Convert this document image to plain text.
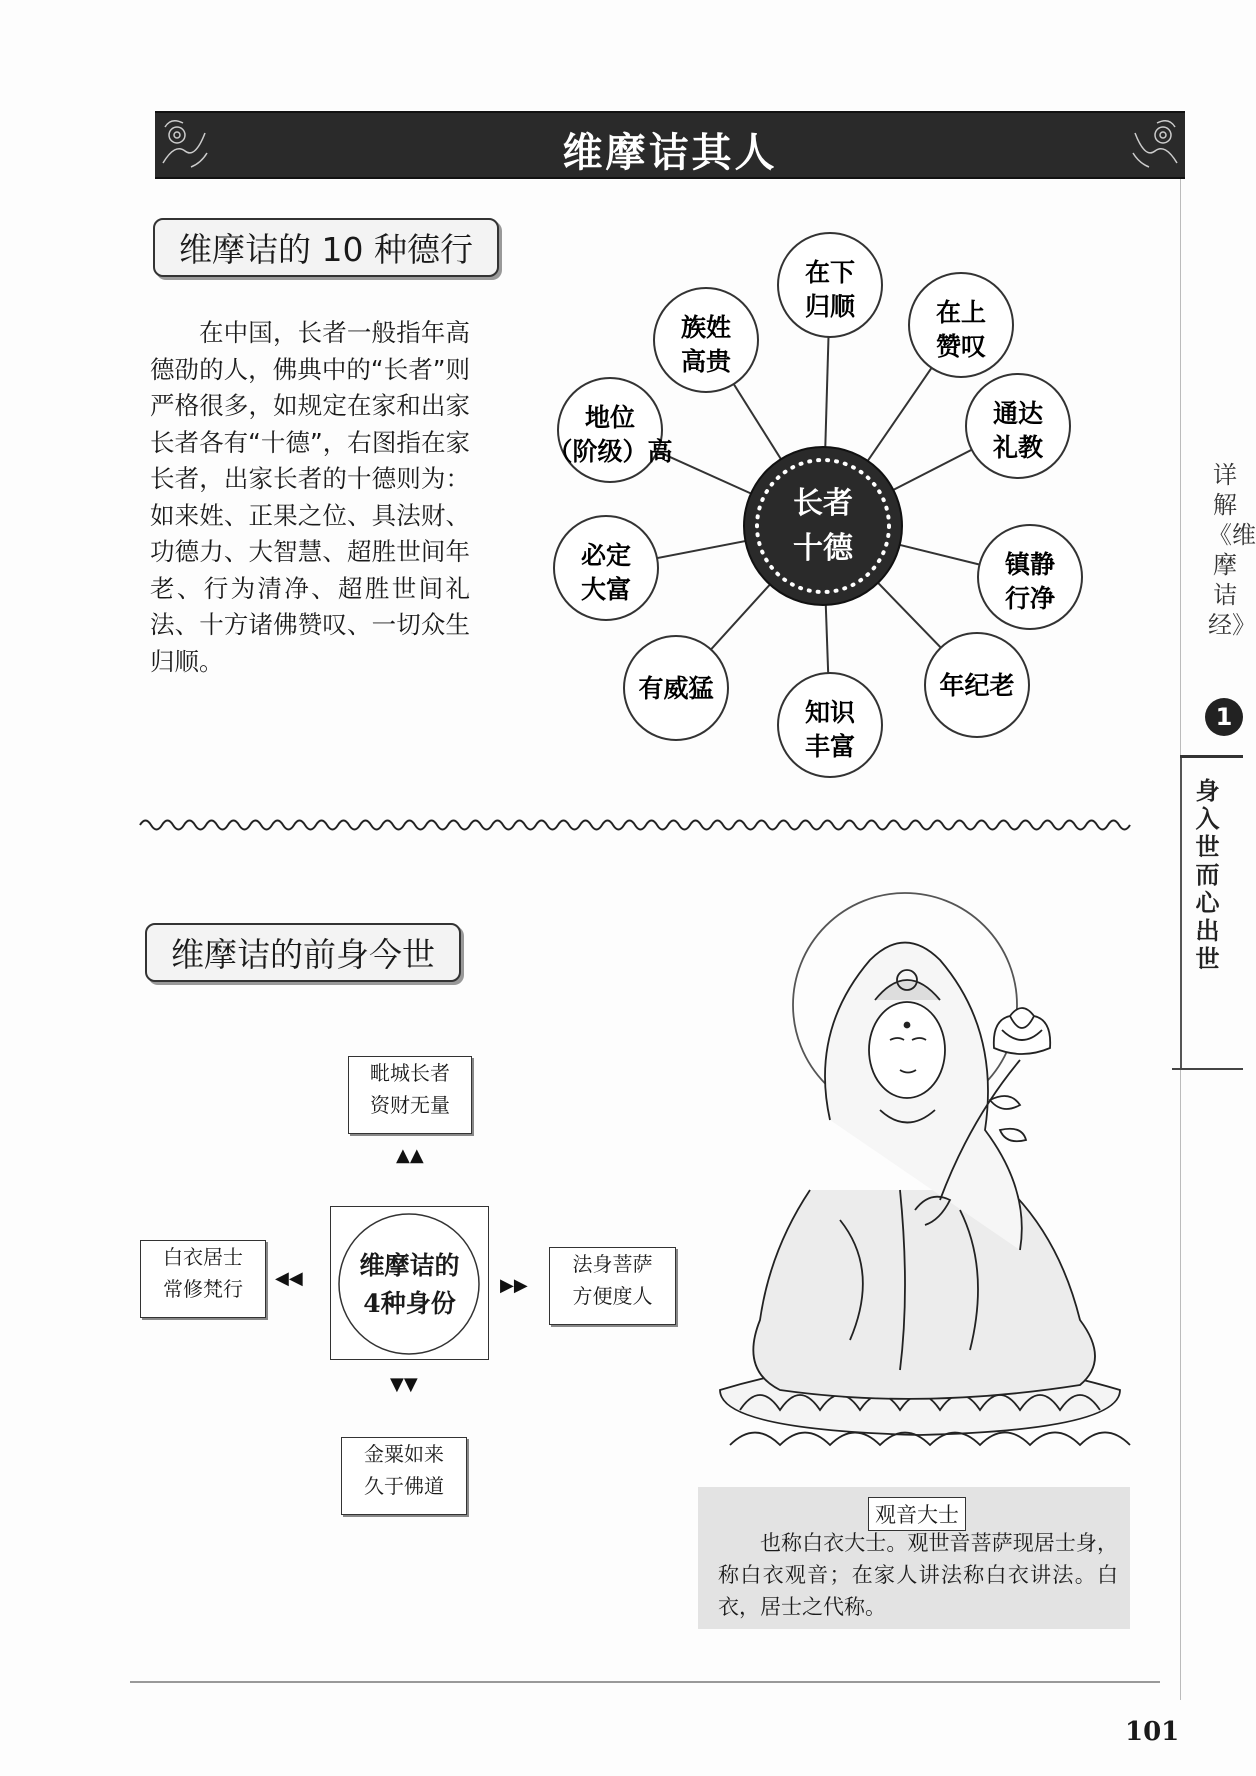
维摩诘其人
维摩诘的 10 种德行
在中国，长者一般指年高德劭的人，佛典中的“长者”则严格很多，如规定在家和出家长者各有“十德”，右图指在家长者，出家长者的十德则为：如来姓、正果之位、具法财、功德力、大智慧、超胜世间年老、行为清净、超胜世间礼法、十方诸佛赞叹、一切众生归顺。
在下
归顺	在上
赞叹
通达
礼教
镇静
行净
年纪老
知识
丰富
有威猛
必定
大富
地位
（阶级）高
族姓
高贵
长者
十德
维摩诘的前身今世
毗城长者
资财无量
▲▲
白衣居士
常修梵行	◀◀	维摩诘的
4种身份
▶▶
法身菩萨
方便度人
▼▼
金粟如来
久于佛道
观音大士
也称白衣大士。观世音菩萨现居士身，称白衣观音；在家人讲法称白衣讲法。白衣，居士之代称。
详解《维摩诘经》
1
身入世而心出世
101
